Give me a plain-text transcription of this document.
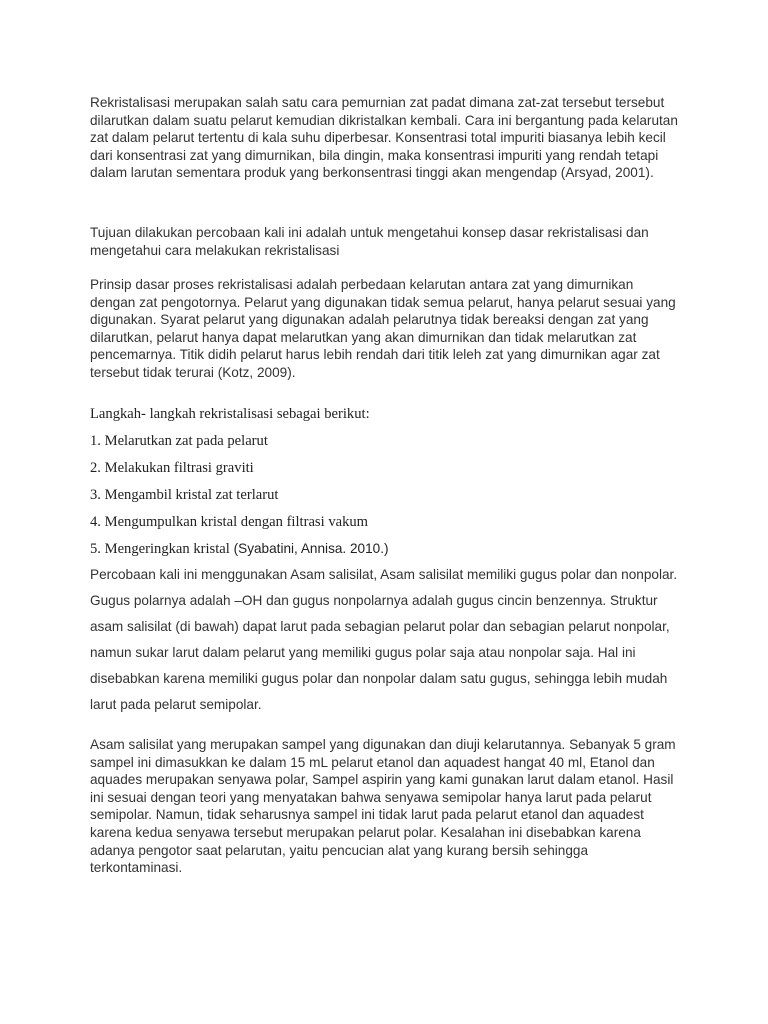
Rekristalisasi merupakan salah satu cara pemurnian zat padat dimana zat-zat tersebut tersebut dilarutkan dalam suatu pelarut kemudian dikristalkan kembali. Cara ini bergantung pada kelarutan zat dalam pelarut tertentu di kala suhu diperbesar. Konsentrasi total impuriti biasanya lebih kecil dari konsentrasi zat yang dimurnikan, bila dingin, maka konsentrasi impuriti yang rendah tetapi dalam larutan sementara produk yang berkonsentrasi tinggi akan mengendap (Arsyad, 2001).

Tujuan dilakukan percobaan kali ini adalah untuk mengetahui konsep dasar rekristalisasi dan mengetahui cara melakukan rekristalisasi

Prinsip dasar proses rekristalisasi adalah perbedaan kelarutan antara zat yang dimurnikan dengan zat pengotornya. Pelarut yang digunakan tidak semua pelarut, hanya pelarut sesuai yang digunakan. Syarat pelarut yang digunakan adalah pelarutnya tidak bereaksi dengan zat yang dilarutkan, pelarut hanya dapat melarutkan yang akan dimurnikan dan tidak melarutkan zat pencemarnya. Titik didih pelarut harus lebih rendah dari titik leleh zat yang dimurnikan agar zat tersebut tidak terurai (Kotz, 2009).

Langkah- langkah rekristalisasi sebagai berikut:

1. Melarutkan zat pada pelarut

2. Melakukan filtrasi graviti

3. Mengambil kristal zat terlarut

4. Mengumpulkan kristal dengan filtrasi vakum

5. Mengeringkan kristal (Syabatini, Annisa. 2010.)

Percobaan kali ini menggunakan Asam salisilat, Asam salisilat memiliki gugus polar dan nonpolar. Gugus polarnya adalah –OH dan gugus nonpolarnya adalah gugus cincin benzennya. Struktur asam salisilat (di bawah) dapat larut pada sebagian pelarut polar dan sebagian pelarut nonpolar, namun sukar larut dalam pelarut yang memiliki gugus polar saja atau nonpolar saja. Hal ini disebabkan karena memiliki gugus polar dan nonpolar dalam satu gugus, sehingga lebih mudah larut pada pelarut semipolar.

Asam salisilat yang merupakan sampel yang digunakan dan diuji kelarutannya. Sebanyak 5 gram sampel ini dimasukkan ke dalam 15 mL pelarut etanol dan aquadest hangat 40 ml, Etanol dan aquades merupakan senyawa polar, Sampel aspirin yang kami gunakan larut dalam etanol. Hasil ini sesuai dengan teori yang menyatakan bahwa senyawa semipolar hanya larut pada pelarut semipolar. Namun, tidak seharusnya sampel ini tidak larut pada pelarut etanol dan aquadest karena kedua senyawa tersebut merupakan pelarut polar. Kesalahan ini disebabkan karena adanya pengotor saat pelarutan, yaitu pencucian alat yang kurang bersih sehingga terkontaminasi.
